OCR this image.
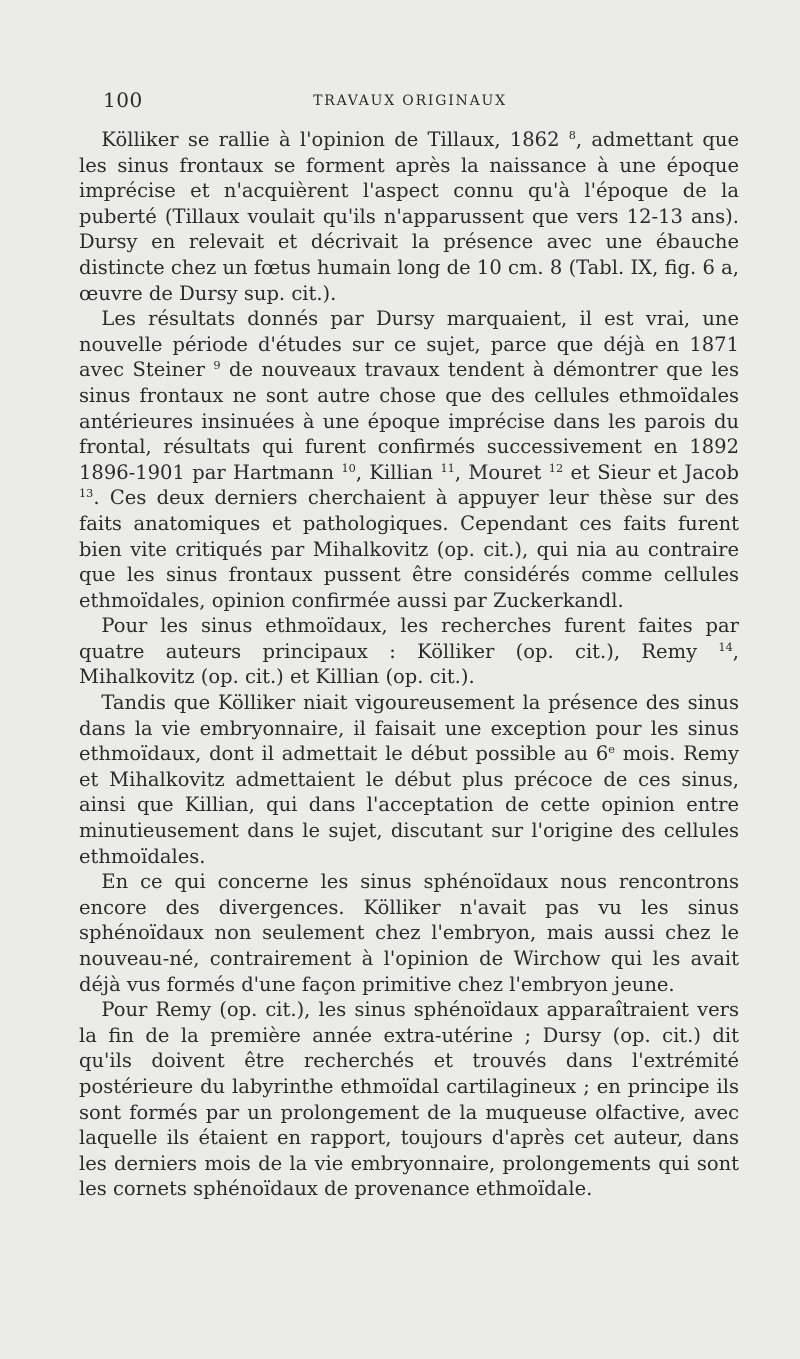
100	TRAVAUX ORIGINAUX

Kölliker se rallie à l'opinion de Tillaux, 1862 $^8$, admettant que les sinus frontaux se forment après la naissance à une époque imprécise et n'acquièrent l'aspect connu qu'à l'époque de la puberté (Tillaux voulait qu'ils n'apparussent que vers 12-13 ans). Dursy en relevait et décrivait la présence avec une ébauche distincte chez un fœtus humain long de 10 cm. 8 (Tabl. IX, fig. 6 a, œuvre de Dursy sup. cit.).

Les résultats donnés par Dursy marquaient, il est vrai, une nouvelle période d'études sur ce sujet, parce que déjà en 1871 avec Steiner $^9$ de nouveaux travaux tendent à démontrer que les sinus frontaux ne sont autre chose que des cellules ethmoïdales antérieures insinuées à une époque imprécise dans les parois du frontal, résultats qui furent confirmés successivement en 1892 1896-1901 par Hartmann $^{10}$, Killian $^{11}$, Mouret $^{12}$ et Sieur et Jacob $^{13}$. Ces deux derniers cherchaient à appuyer leur thèse sur des faits anatomiques et pathologiques. Cependant ces faits furent bien vite critiqués par Mihalkovitz (op. cit.), qui nia au contraire que les sinus frontaux pussent être considérés comme cellules ethmoïdales, opinion confirmée aussi par Zuckerkandl.

Pour les sinus ethmoïdaux, les recherches furent faites par quatre auteurs principaux : Kölliker (op. cit.), Remy $^{14}$, Mihalkovitz (op. cit.) et Killian (op. cit.).

Tandis que Kölliker niait vigoureusement la présence des sinus dans la vie embryonnaire, il faisait une exception pour les sinus ethmoïdaux, dont il admettait le début possible au 6e mois. Remy et Mihalkovitz admettaient le début plus précoce de ces sinus, ainsi que Killian, qui dans l'acceptation de cette opinion entre minutieusement dans le sujet, discutant sur l'origine des cellules ethmoïdales.

En ce qui concerne les sinus sphénoïdaux nous rencontrons encore des divergences. Kölliker n'avait pas vu les sinus sphénoïdaux non seulement chez l'embryon, mais aussi chez le nouveau-né, contrairement à l'opinion de Wirchow qui les avait déjà vus formés d'une façon primitive chez l'embryon jeune.

Pour Remy (op. cit.), les sinus sphénoïdaux apparaîtraient vers la fin de la première année extra-utérine ; Dursy (op. cit.) dit qu'ils doivent être recherchés et trouvés dans l'extrémité postérieure du labyrinthe ethmoïdal cartilagineux ; en principe ils sont formés par un prolongement de la muqueuse olfactive, avec laquelle ils étaient en rapport, toujours d'après cet auteur, dans les derniers mois de la vie embryonnaire, prolongements qui sont les cornets sphénoïdaux de provenance ethmoïdale.
